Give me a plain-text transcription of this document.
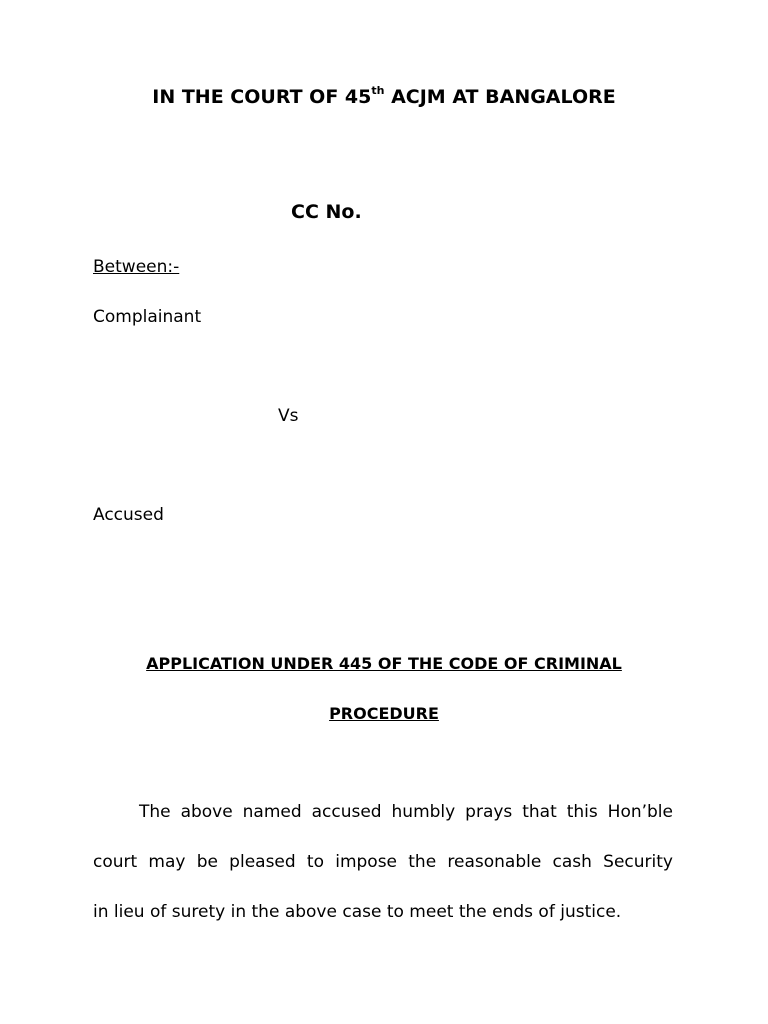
IN THE COURT OF 45th ACJM AT BANGALORE
CC No.
Between:-
Complainant
Vs
Accused
APPLICATION UNDER 445 OF THE CODE OF CRIMINAL
PROCEDURE
The above named accused humbly prays that this Hon’ble
court may be pleased to impose the reasonable cash Security
in lieu of surety in the above case to meet the ends of justice.
